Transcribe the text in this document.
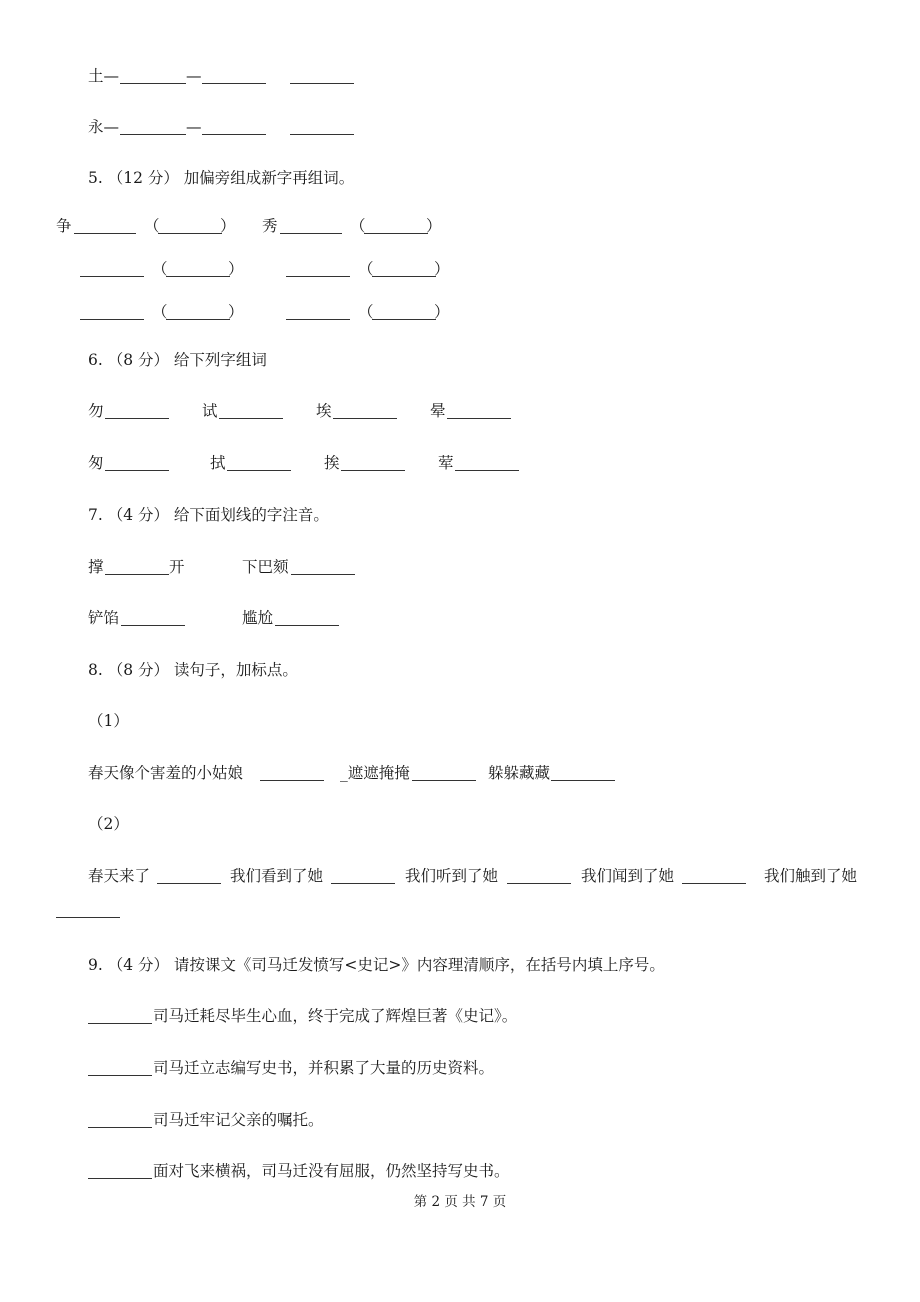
土—	—
永—	—
5. （12 分） 加偏旁组成新字再组词。
争	（	） 秀	（	）
（	）	（	）
（	）	（	）
6. （8 分） 给下列字组词
勿	试	埃	晕
匆	拭	挨	荤
7. （4 分） 给下面划线的字注音。
撑	开	下巴颏
铲馅	尴尬
8. （8 分） 读句子，加标点。
（1）
春天像个害羞的小姑娘	_遮遮掩掩	躲躲藏藏
（2）
春天来了	我们看到了她	我们听到了她	我们闻到了她	我们触到了她
9. （4 分） 请按课文《司马迁发愤写<史记>》内容理清顺序，在括号内填上序号。
司马迁耗尽毕生心血，终于完成了辉煌巨著《史记》。
司马迁立志编写史书，并积累了大量的历史资料。
司马迁牢记父亲的嘱托。
面对飞来横祸，司马迁没有屈服，仍然坚持写史书。
第 2 页 共 7 页
